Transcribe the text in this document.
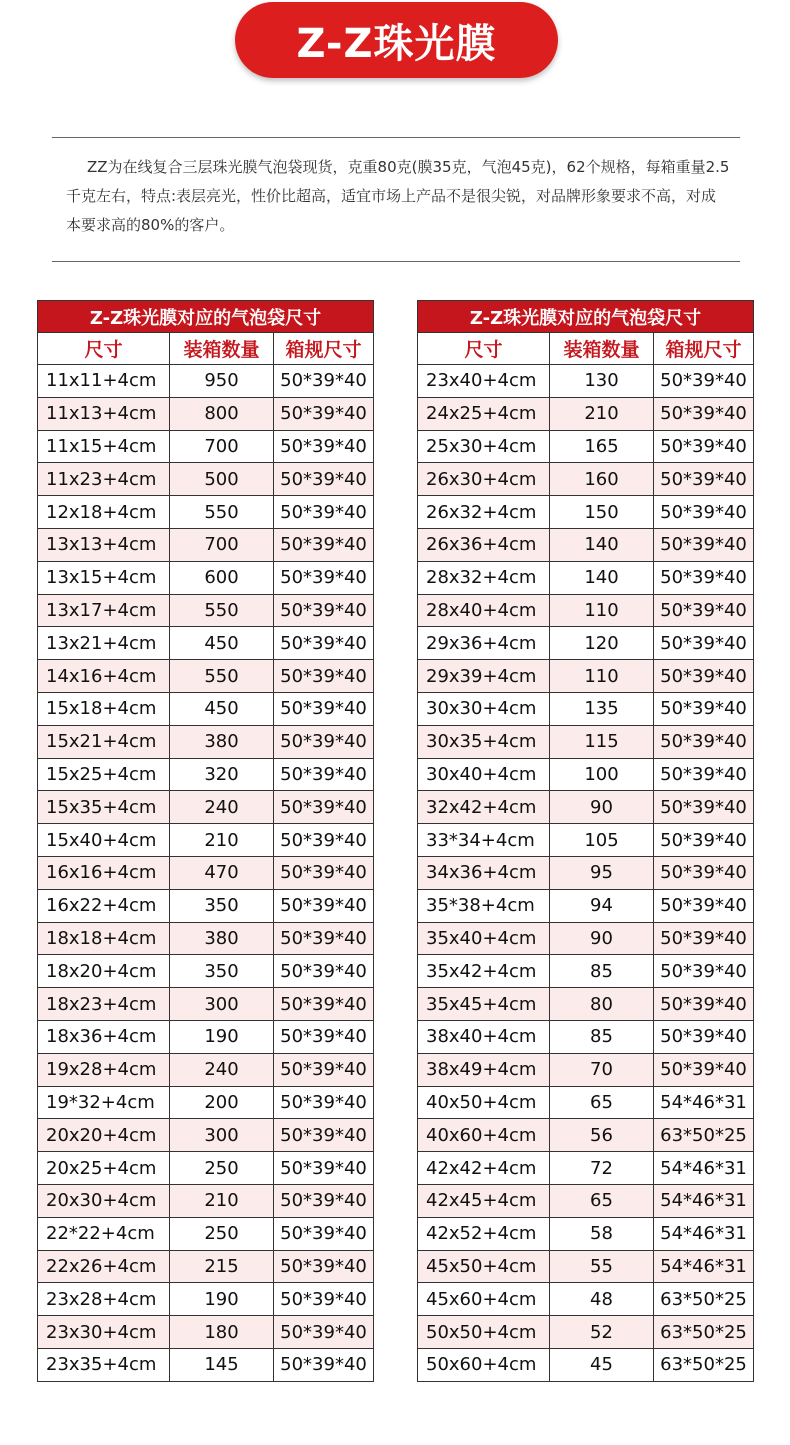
Z-Z珠光膜
ZZ为在线复合三层珠光膜气泡袋现货，克重80克(膜35克，气泡45克)，62个规格，每箱重量2.5千克左右，特点:表层亮光，性价比超高，适宜市场上产品不是很尖锐，对品牌形象要求不高，对成本要求高的80%的客户。
Z-Z珠光膜对应的气泡袋尺寸		
尺寸	装箱数量	箱规尺寸
11x11+4cm	950	50*39*40
11x13+4cm	800	50*39*40
11x15+4cm	700	50*39*40
11x23+4cm	500	50*39*40
12x18+4cm	550	50*39*40
13x13+4cm	700	50*39*40
13x15+4cm	600	50*39*40
13x17+4cm	550	50*39*40
13x21+4cm	450	50*39*40
14x16+4cm	550	50*39*40
15x18+4cm	450	50*39*40
15x21+4cm	380	50*39*40
15x25+4cm	320	50*39*40
15x35+4cm	240	50*39*40
15x40+4cm	210	50*39*40
16x16+4cm	470	50*39*40
16x22+4cm	350	50*39*40
18x18+4cm	380	50*39*40
18x20+4cm	350	50*39*40
18x23+4cm	300	50*39*40
18x36+4cm	190	50*39*40
19x28+4cm	240	50*39*40
19*32+4cm	200	50*39*40
20x20+4cm	300	50*39*40
20x25+4cm	250	50*39*40
20x30+4cm	210	50*39*40
22*22+4cm	250	50*39*40
22x26+4cm	215	50*39*40
23x28+4cm	190	50*39*40
23x30+4cm	180	50*39*40
23x35+4cm	145	50*39*40
Z-Z珠光膜对应的气泡袋尺寸		
尺寸	装箱数量	箱规尺寸
23x40+4cm	130	50*39*40
24x25+4cm	210	50*39*40
25x30+4cm	165	50*39*40
26x30+4cm	160	50*39*40
26x32+4cm	150	50*39*40
26x36+4cm	140	50*39*40
28x32+4cm	140	50*39*40
28x40+4cm	110	50*39*40
29x36+4cm	120	50*39*40
29x39+4cm	110	50*39*40
30x30+4cm	135	50*39*40
30x35+4cm	115	50*39*40
30x40+4cm	100	50*39*40
32x42+4cm	90	50*39*40
33*34+4cm	105	50*39*40
34x36+4cm	95	50*39*40
35*38+4cm	94	50*39*40
35x40+4cm	90	50*39*40
35x42+4cm	85	50*39*40
35x45+4cm	80	50*39*40
38x40+4cm	85	50*39*40
38x49+4cm	70	50*39*40
40x50+4cm	65	54*46*31
40x60+4cm	56	63*50*25
42x42+4cm	72	54*46*31
42x45+4cm	65	54*46*31
42x52+4cm	58	54*46*31
45x50+4cm	55	54*46*31
45x60+4cm	48	63*50*25
50x50+4cm	52	63*50*25
50x60+4cm	45	63*50*25
